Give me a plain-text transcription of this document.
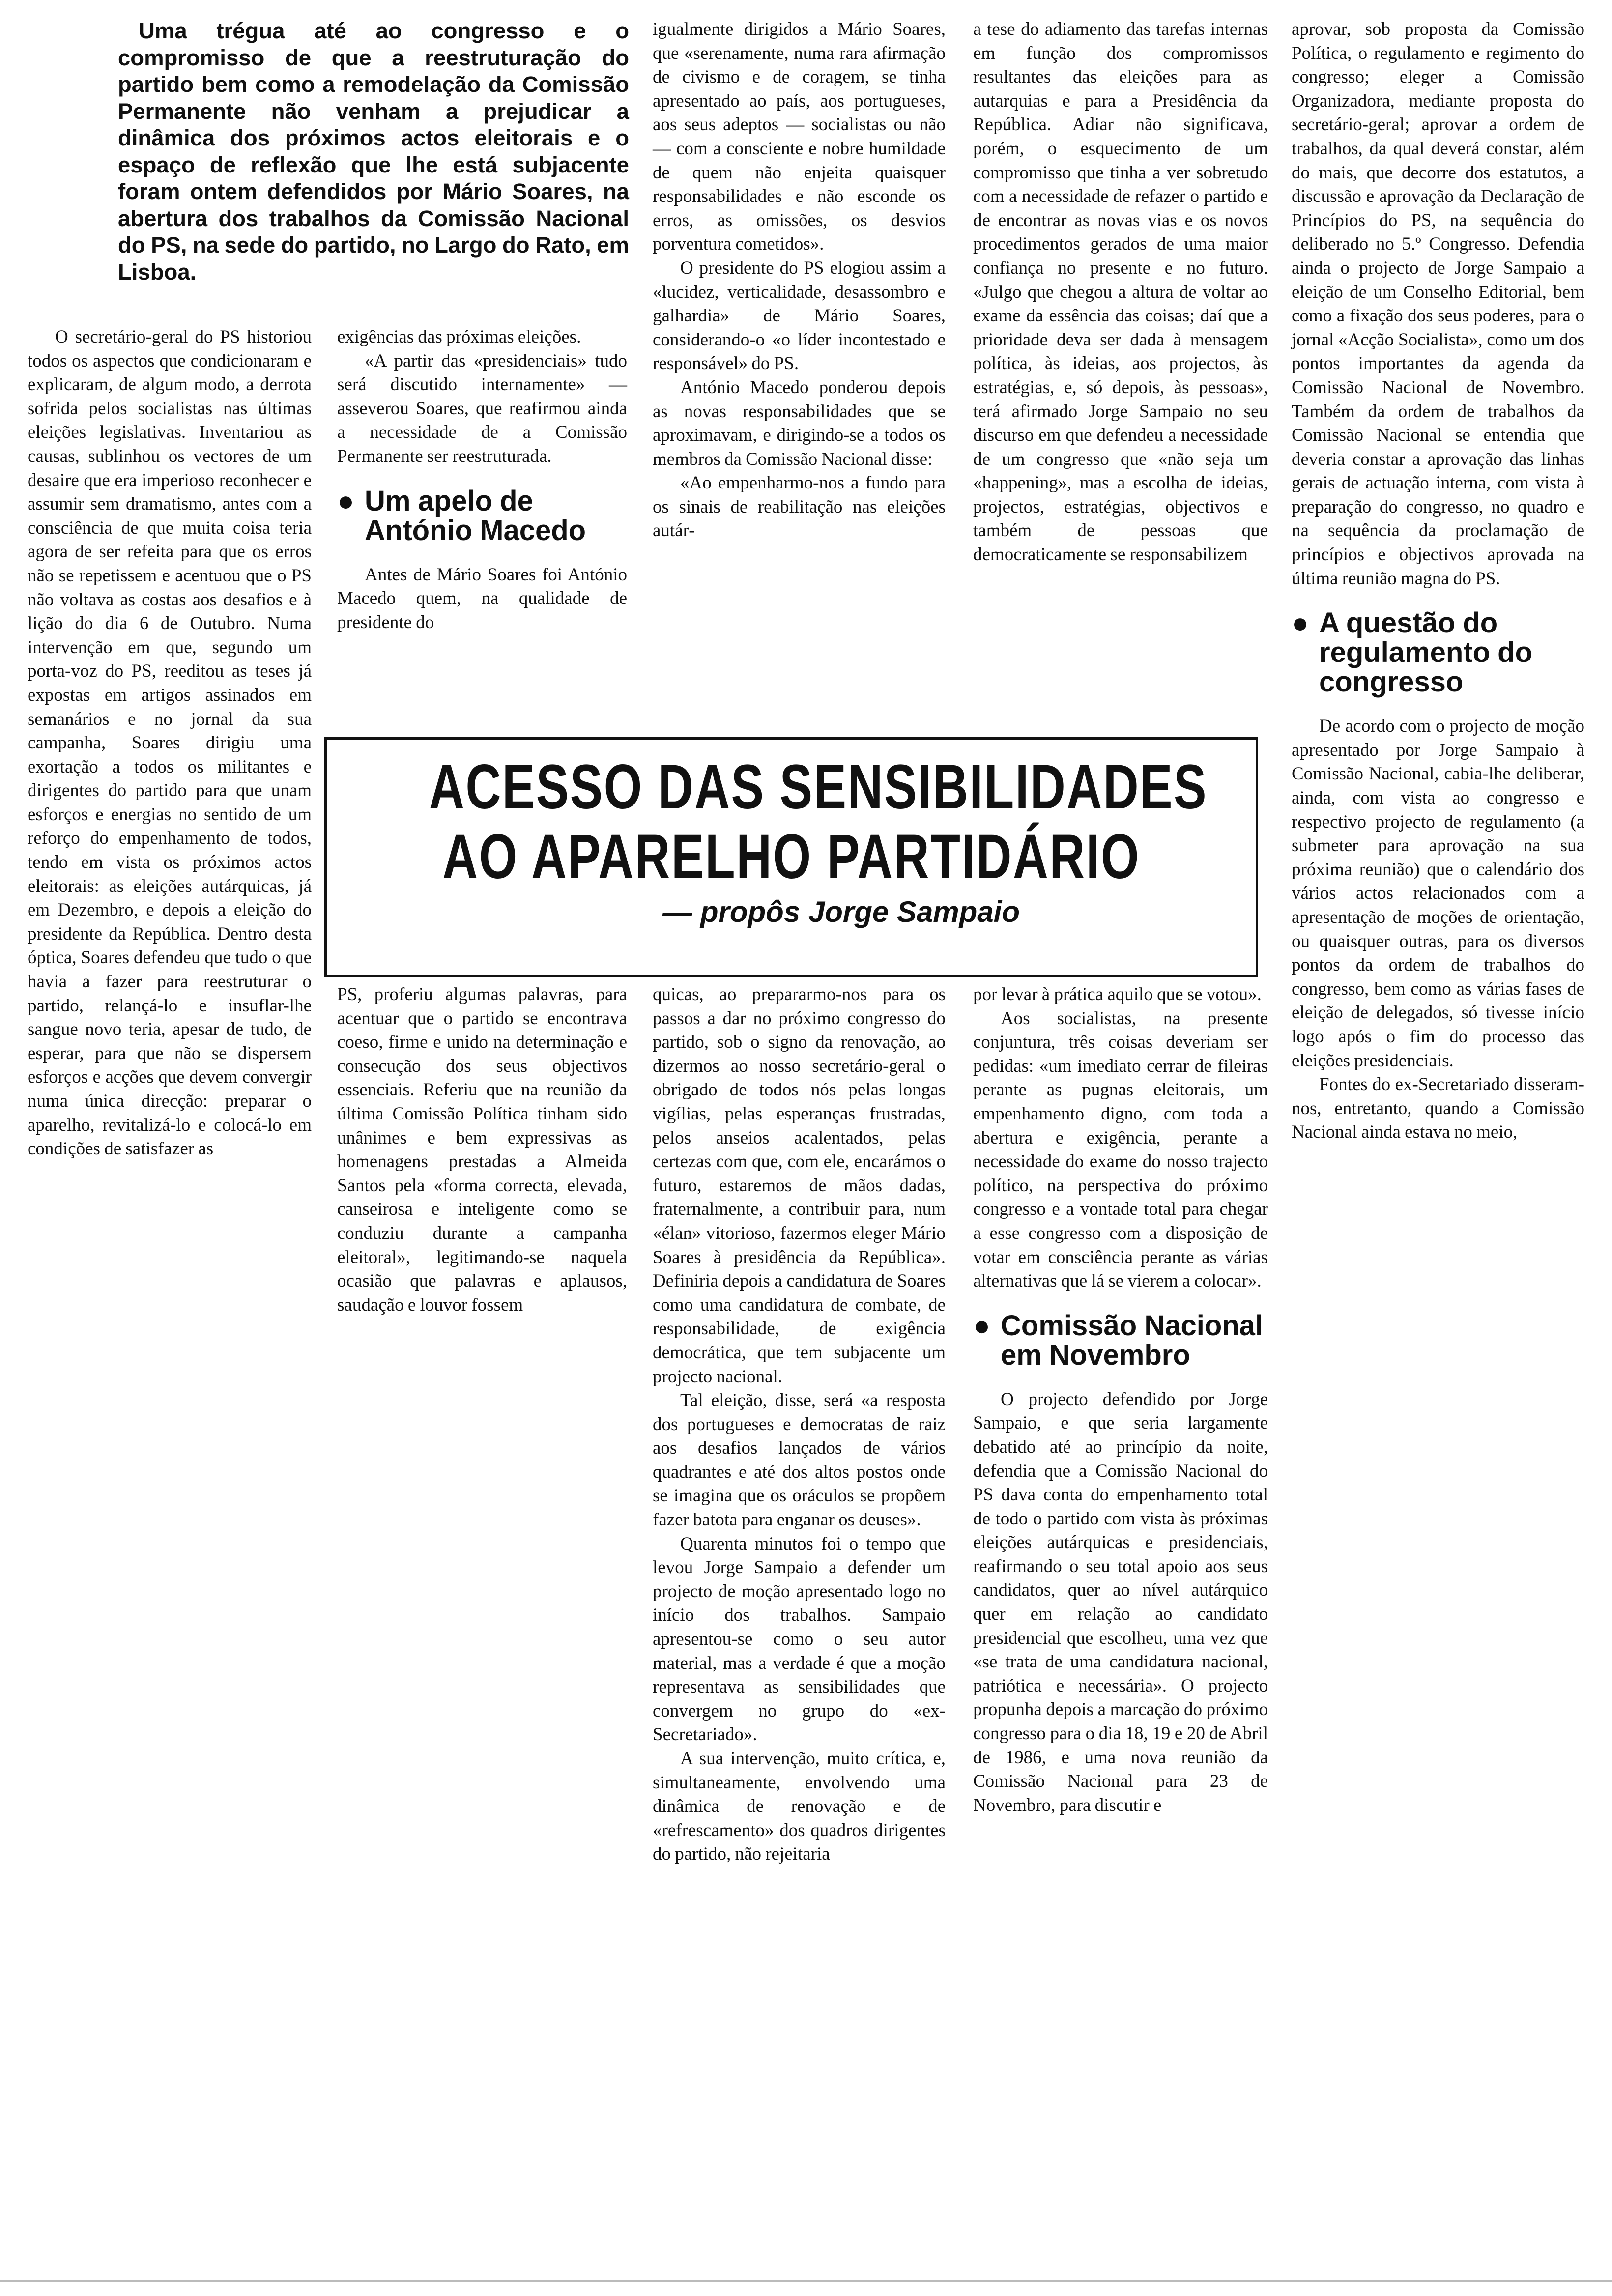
Uma trégua até ao congresso e o compromisso de que a reestruturação do partido bem como a remodelação da Comissão Permanente não venham a prejudicar a dinâmica dos próximos actos eleitorais e o espaço de reflexão que lhe está subjacente foram ontem defendidos por Mário Soares, na abertura dos trabalhos da Comissão Nacional do PS, na sede do partido, no Largo do Rato, em Lisboa.

O secretário-geral do PS historiou todos os aspectos que condicionaram e explicaram, de algum modo, a derrota sofrida pelos socialistas nas últimas eleições legislativas. Inventariou as causas, sublinhou os vectores de um desaire que era imperioso reconhecer e assumir sem dramatismo, antes com a consciência de que muita coisa teria agora de ser refeita para que os erros não se repetissem e acentuou que o PS não voltava as costas aos desafios e à lição do dia 6 de Outubro. Numa intervenção em que, segundo um porta-voz do PS, reeditou as teses já expostas em artigos assinados em semanários e no jornal da sua campanha, Soares dirigiu uma exortação a todos os militantes e dirigentes do partido para que unam esforços e energias no sentido de um reforço do empenhamento de todos, tendo em vista os próximos actos eleitorais: as eleições autárquicas, já em Dezembro, e depois a eleição do presidente da República. Dentro desta óptica, Soares defendeu que tudo o que havia a fazer para reestruturar o partido, relançá-lo e insuflar-lhe sangue novo teria, apesar de tudo, de esperar, para que não se dispersem esforços e acções que devem convergir numa única direcção: preparar o aparelho, revitalizá-lo e colocá-lo em condições de satisfazer as

exigências das próximas eleições.

«A partir das «presidenciais» tudo será discutido internamente» — asseverou Soares, que reafirmou ainda a necessidade de a Comissão Permanente ser reestruturada.

● Um apelo de António Macedo

Antes de Mário Soares foi António Macedo quem, na qualidade de presidente do

igualmente dirigidos a Mário Soares, que «serenamente, numa rara afirmação de civismo e de coragem, se tinha apresentado ao país, aos portugueses, aos seus adeptos — socialistas ou não — com a consciente e nobre humildade de quem não enjeita quaisquer responsabilidades e não esconde os erros, as omissões, os desvios porventura cometidos».

O presidente do PS elogiou assim a «lucidez, verticalidade, desassombro e galhardia» de Mário Soares, considerando-o «o líder incontestado e responsável» do PS.

António Macedo ponderou depois as novas responsabilidades que se aproximavam, e dirigindo-se a todos os membros da Comissão Nacional disse:

«Ao empenharmo-nos a fundo para os sinais de reabilitação nas eleições autár-

a tese do adiamento das tarefas internas em função dos compromissos resultantes das eleições para as autarquias e para a Presidência da República. Adiar não significava, porém, o esquecimento de um compromisso que tinha a ver sobretudo com a necessidade de refazer o partido e de encontrar as novas vias e os novos procedimentos gerados de uma maior confiança no presente e no futuro. «Julgo que chegou a altura de voltar ao exame da essência das coisas; daí que a prioridade deva ser dada à mensagem política, às ideias, aos projectos, às estratégias, e, só depois, às pessoas», terá afirmado Jorge Sampaio no seu discurso em que defendeu a necessidade de um congresso que «não seja um «happening», mas a escolha de ideias, projectos, estratégias, objectivos e também de pessoas que democraticamente se responsabilizem

aprovar, sob proposta da Comissão Política, o regulamento e regimento do congresso; eleger a Comissão Organizadora, mediante proposta do secretário-geral; aprovar a ordem de trabalhos, da qual deverá constar, além do mais, que decorre dos estatutos, a discussão e aprovação da Declaração de Princípios do PS, na sequência do deliberado no 5.º Congresso. Defendia ainda o projecto de Jorge Sampaio a eleição de um Conselho Editorial, bem como a fixação dos seus poderes, para o jornal «Acção Socialista», como um dos pontos importantes da agenda da Comissão Nacional de Novembro. Também da ordem de trabalhos da Comissão Nacional se entendia que deveria constar a aprovação das linhas gerais de actuação interna, com vista à preparação do congresso, no quadro e na sequência da proclamação de princípios e objectivos aprovada na última reunião magna do PS.

● A questão do regulamento do congresso

De acordo com o projecto de moção apresentado por Jorge Sampaio à Comissão Nacional, cabia-lhe deliberar, ainda, com vista ao congresso e respectivo projecto de regulamento (a submeter para aprovação na sua próxima reunião) que o calendário dos vários actos relacionados com a apresentação de moções de orientação, ou quaisquer outras, para os diversos pontos da ordem de trabalhos do congresso, bem como as várias fases de eleição de delegados, só tivesse início logo após o fim do processo das eleições presidenciais.

Fontes do ex-Secretariado disseram-nos, entretanto, quando a Comissão Nacional ainda estava no meio,

ACESSO DAS SENSIBILIDADES
AO APARELHO PARTIDÁRIO
— propôs Jorge Sampaio

PS, proferiu algumas palavras, para acentuar que o partido se encontrava coeso, firme e unido na determinação e consecução dos seus objectivos essenciais. Referiu que na reunião da última Comissão Política tinham sido unânimes e bem expressivas as homenagens prestadas a Almeida Santos pela «forma correcta, elevada, canseirosa e inteligente como se conduziu durante a campanha eleitoral», legitimando-se naquela ocasião que palavras e aplausos, saudação e louvor fossem

quicas, ao prepararmo-nos para os passos a dar no próximo congresso do partido, sob o signo da renovação, ao dizermos ao nosso secretário-geral o obrigado de todos nós pelas longas vigílias, pelas esperanças frustradas, pelos anseios acalentados, pelas certezas com que, com ele, encarámos o futuro, estaremos de mãos dadas, fraternalmente, a contribuir para, num «élan» vitorioso, fazermos eleger Mário Soares à presidência da República». Definiria depois a candidatura de Soares como uma candidatura de combate, de responsabilidade, de exigência democrática, que tem subjacente um projecto nacional.

Tal eleição, disse, será «a resposta dos portugueses e democratas de raiz aos desafios lançados de vários quadrantes e até dos altos postos onde se imagina que os oráculos se propõem fazer batota para enganar os deuses».

Quarenta minutos foi o tempo que levou Jorge Sampaio a defender um projecto de moção apresentado logo no início dos trabalhos. Sampaio apresentou-se como o seu autor material, mas a verdade é que a moção representava as sensibilidades que convergem no grupo do «ex-Secretariado».

A sua intervenção, muito crítica, e, simultaneamente, envolvendo uma dinâmica de renovação e de «refrescamento» dos quadros dirigentes do partido, não rejeitaria

por levar à prática aquilo que se votou».

Aos socialistas, na presente conjuntura, três coisas deveriam ser pedidas: «um imediato cerrar de fileiras perante as pugnas eleitorais, um empenhamento digno, com toda a abertura e exigência, perante a necessidade do exame do nosso trajecto político, na perspectiva do próximo congresso e a vontade total para chegar a esse congresso com a disposição de votar em consciência perante as várias alternativas que lá se vierem a colocar».

● Comissão Nacional em Novembro

O projecto defendido por Jorge Sampaio, e que seria largamente debatido até ao princípio da noite, defendia que a Comissão Nacional do PS dava conta do empenhamento total de todo o partido com vista às próximas eleições autárquicas e presidenciais, reafirmando o seu total apoio aos seus candidatos, quer ao nível autárquico quer em relação ao candidato presidencial que escolheu, uma vez que «se trata de uma candidatura nacional, patriótica e necessária». O projecto propunha depois a marcação do próximo congresso para o dia 18, 19 e 20 de Abril de 1986, e uma nova reunião da Comissão Nacional para 23 de Novembro, para discutir e
